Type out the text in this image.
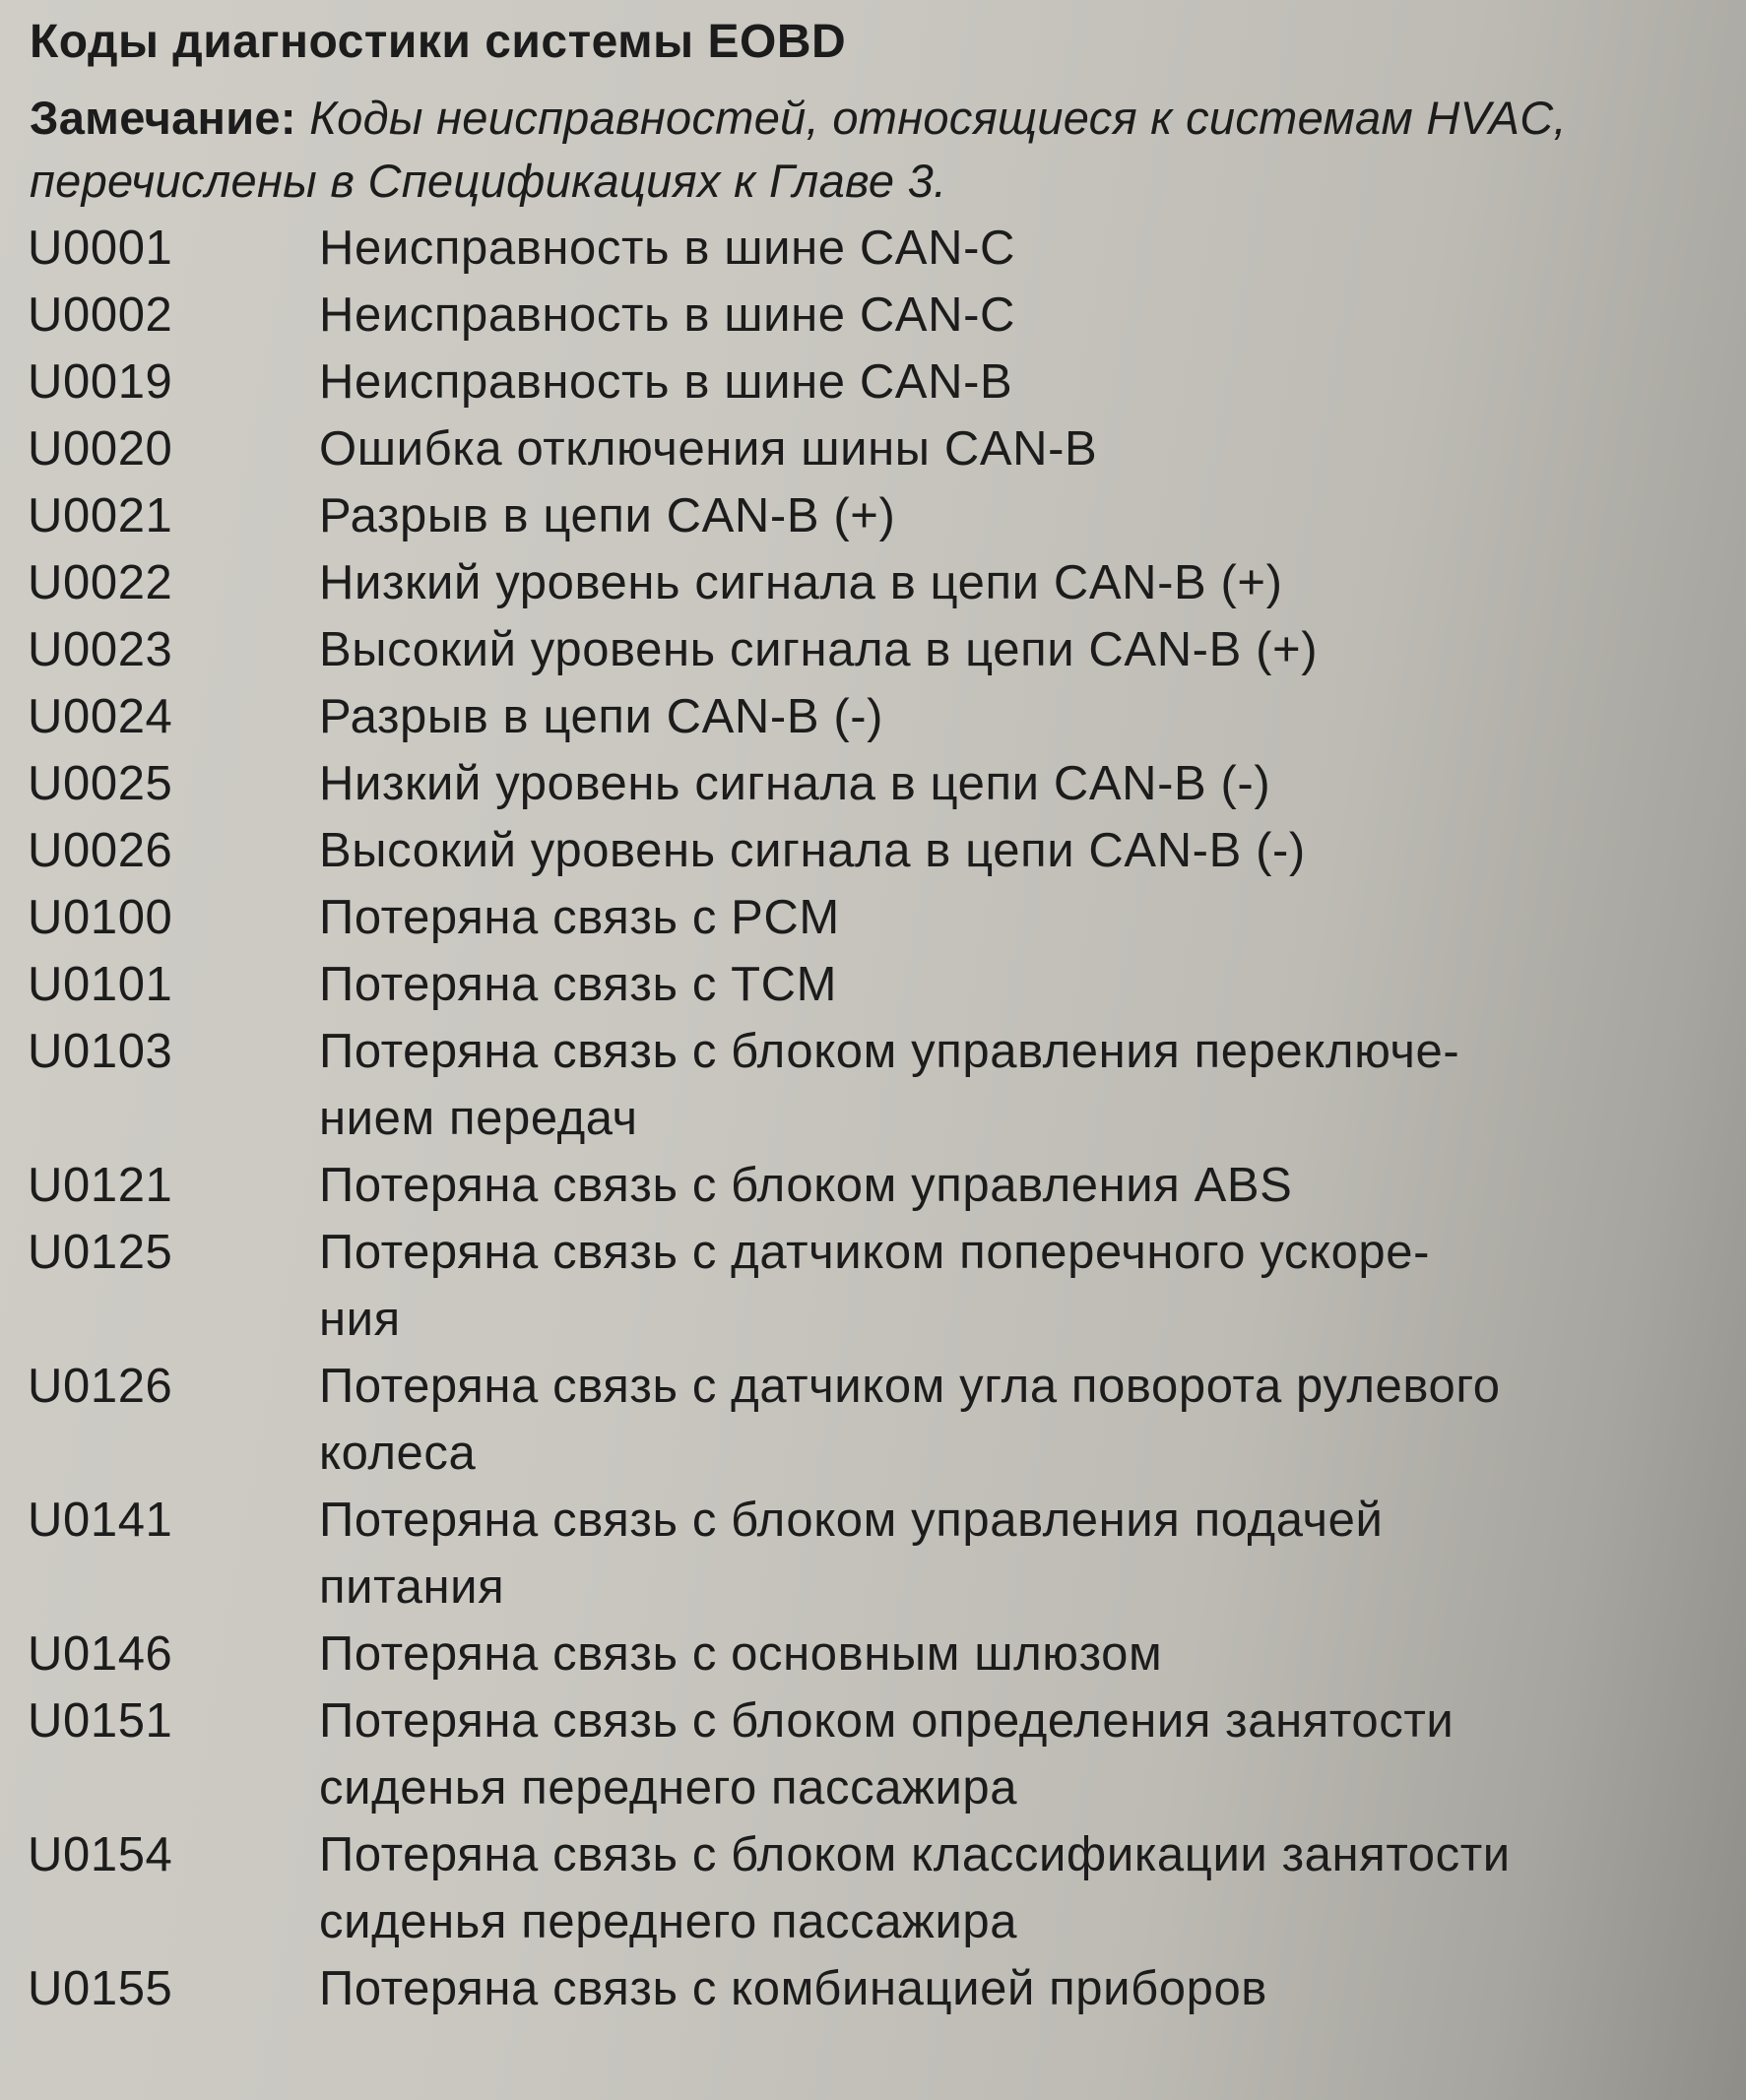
Коды диагностики системы EOBD
Замечание: Коды неисправностей, относящиеся к системам HVAC, перечислены в Спецификациях к Главе 3.
U0001	Неисправность в шине CAN-C
U0002	Неисправность в шине CAN-C
U0019	Неисправность в шине CAN-B
U0020	Ошибка отключения шины CAN-B
U0021	Разрыв в цепи CAN-B (+)
U0022	Низкий уровень сигнала в цепи CAN-B (+)
U0023	Высокий уровень сигнала в цепи CAN-B (+)
U0024	Разрыв в цепи CAN-B (-)
U0025	Низкий уровень сигнала в цепи CAN-B (-)
U0026	Высокий уровень сигнала в цепи CAN-B (-)
U0100	Потеряна связь с PCM
U0101	Потеряна связь с TCM
U0103	Потеряна связь с блоком управления переключе-
нием передач
U0121	Потеряна связь с блоком управления ABS
U0125	Потеряна связь с датчиком поперечного ускоре-
ния
U0126	Потеряна связь с датчиком угла поворота рулевого
колеса
U0141	Потеряна связь с блоком управления подачей
питания
U0146	Потеряна связь с основным шлюзом
U0151	Потеряна связь с блоком определения занятости
сиденья переднего пассажира
U0154	Потеряна связь с блоком классификации занятости
сиденья переднего пассажира
U0155	Потеряна связь с комбинацией приборов
